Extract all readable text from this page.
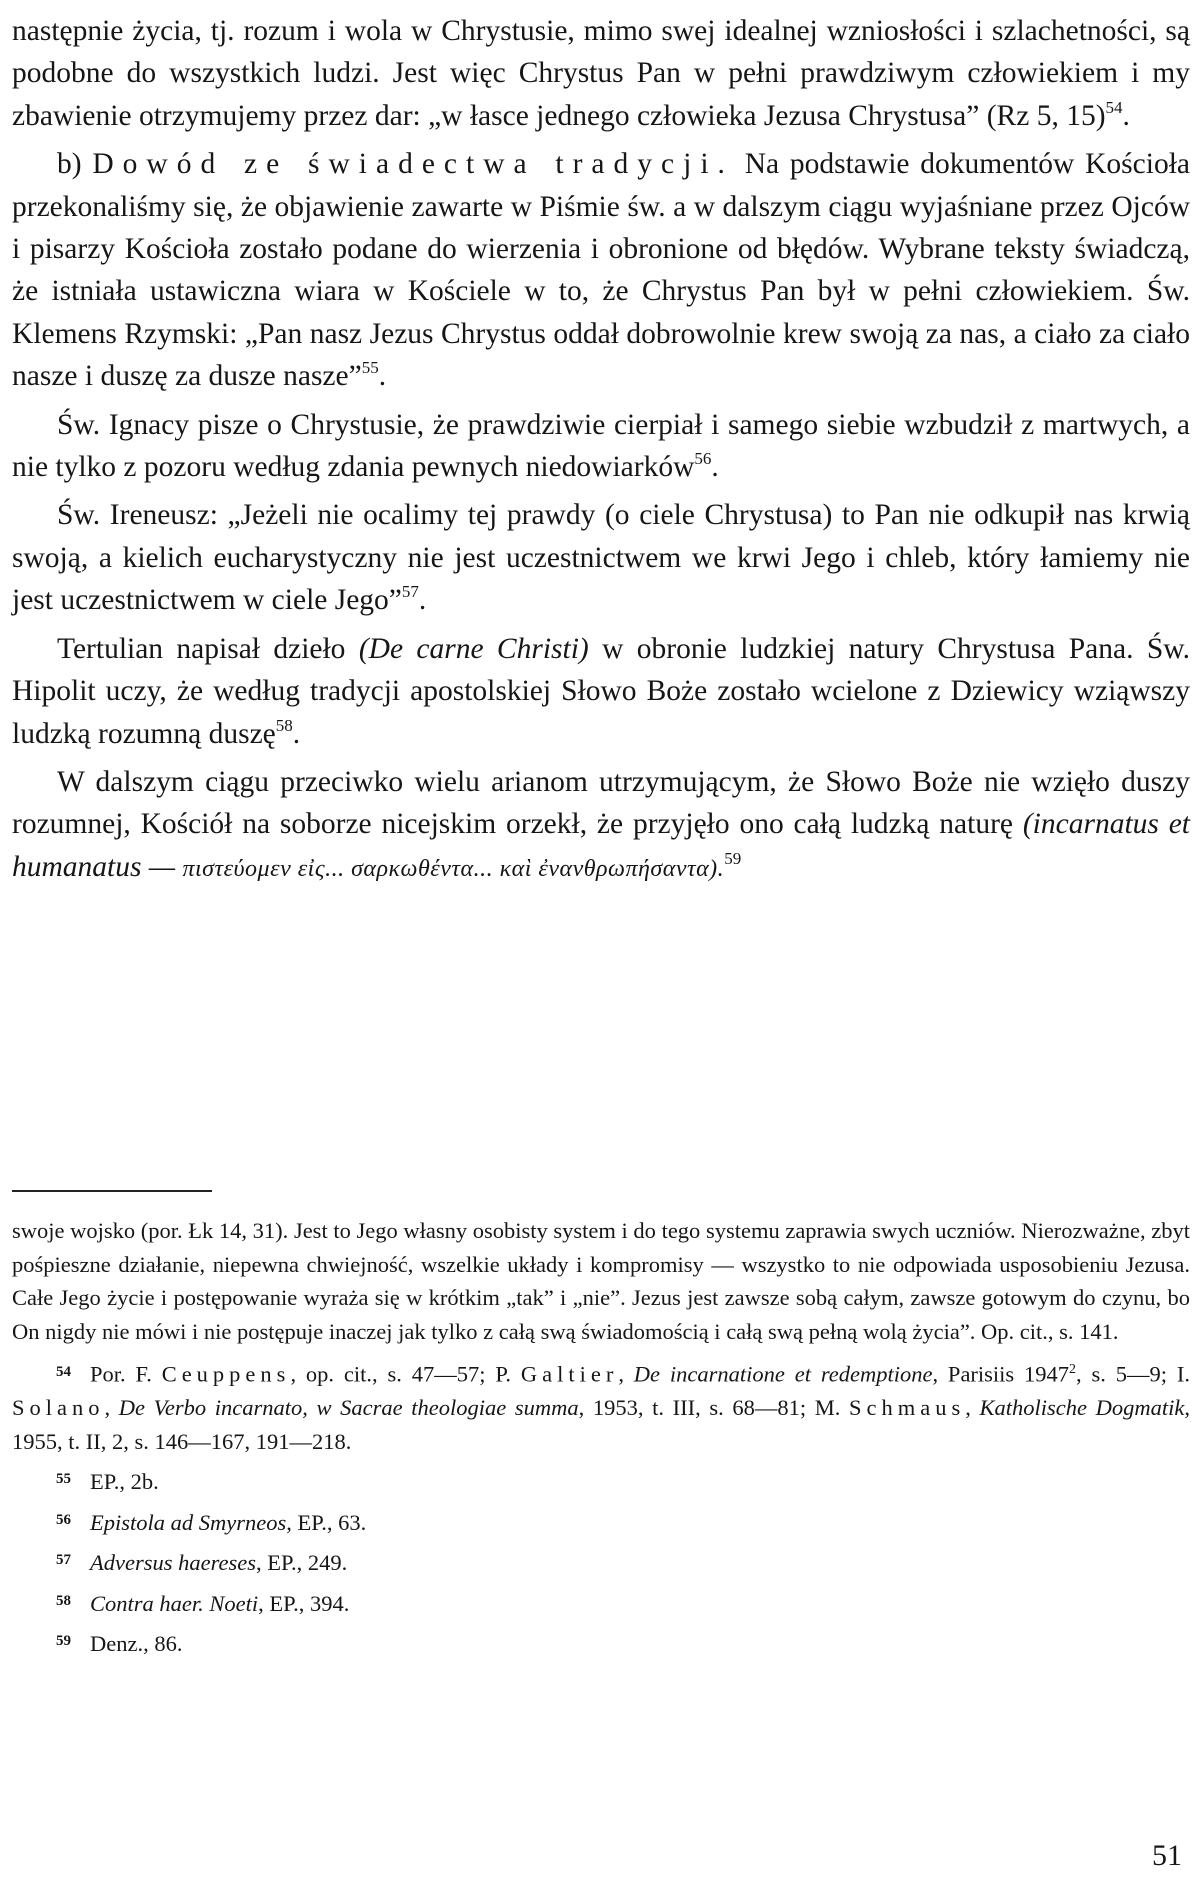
następnie życia, tj. rozum i wola w Chrystusie, mimo swej idealnej wzniosłości i szlachetności, są podobne do wszystkich ludzi. Jest więc Chrystus Pan w pełni prawdziwym człowiekiem i my zbawienie otrzymujemy przez dar: „w łasce jednego człowieka Jezusa Chrystusa” (Rz 5, 15)$^{54}$.

b) Dowód ze świadectwa tradycji. Na podstawie dokumentów Kościoła przekonaliśmy się, że objawienie zawarte w Piśmie św. a w dalszym ciągu wyjaśniane przez Ojców i pisarzy Kościoła zostało podane do wierzenia i obronione od błędów. Wybrane teksty świadczą, że istniała ustawiczna wiara w Kościele w to, że Chrystus Pan był w pełni człowiekiem. Św. Klemens Rzymski: „Pan nasz Jezus Chrystus oddał dobrowolnie krew swoją za nas, a ciało za ciało nasze i duszę za dusze nasze”$^{55}$.

Św. Ignacy pisze o Chrystusie, że prawdziwie cierpiał i samego siebie wzbudził z martwych, a nie tylko z pozoru według zdania pewnych niedowiarków$^{56}$.

Św. Ireneusz: „Jeżeli nie ocalimy tej prawdy (o ciele Chrystusa) to Pan nie odkupił nas krwią swoją, a kielich eucharystyczny nie jest uczestnictwem we krwi Jego i chleb, który łamiemy nie jest uczestnictwem w ciele Jego”$^{57}$.

Tertulian napisał dzieło (De carne Christi) w obronie ludzkiej natury Chrystusa Pana. Św. Hipolit uczy, że według tradycji apostolskiej Słowo Boże zostało wcielone z Dziewicy wziąwszy ludzką rozumną duszę$^{58}$.

W dalszym ciągu przeciwko wielu arianom utrzymującym, że Słowo Boże nie wzięło duszy rozumnej, Kościół na soborze nicejskim orzekł, że przyjęło ono całą ludzką naturę (incarnatus et humanatus — πιστεύομεν εἰς... σαρκωθέντα... καὶ ἐνανθρωπήσαντα).$^{59}$

swoje wojsko (por. Łk 14, 31). Jest to Jego własny osobisty system i do tego systemu zaprawia swych uczniów. Nierozważne, zbyt pośpieszne działanie, niepewna chwiejność, wszelkie układy i kompromisy — wszystko to nie odpowiada usposobieniu Jezusa. Całe Jego życie i postępowanie wyraża się w krótkim „tak” i „nie”. Jezus jest zawsze sobą całym, zawsze gotowym do czynu, bo On nigdy nie mówi i nie postępuje inaczej jak tylko z całą swą świadomością i całą swą pełną wolą życia”. Op. cit., s. 141.

54 Por. F. Ceuppens, op. cit., s. 47—57; P. Galtier, De incarnatione et redemptione, Parisiis 1947$^2$, s. 5—9; I. Solano, De Verbo incarnato, w Sacrae theologiae summa, 1953, t. III, s. 68—81; M. Schmaus, Katholische Dogmatik, 1955, t. II, 2, s. 146—167, 191—218.

55 EP., 2b.

56 Epistola ad Smyrneos, EP., 63.

57 Adversus haereses, EP., 249.

58 Contra haer. Noeti, EP., 394.

59 Denz., 86.

51
